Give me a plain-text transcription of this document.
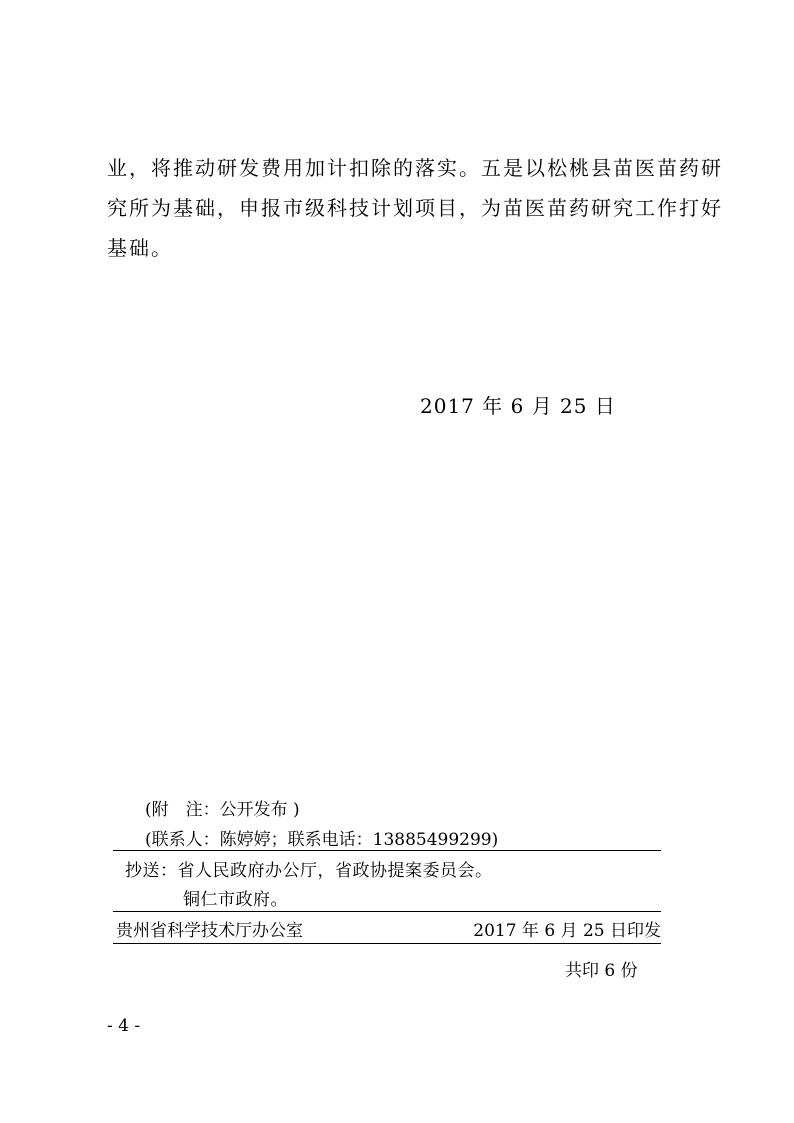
业，将推动研发费用加计扣除的落实。五是以松桃县苗医苗药研
究所为基础，申报市级科技计划项目，为苗医苗药研究工作打好
基础。
2017 年 6 月 25 日
(附　注：公开发布 )
(联系人：陈婷婷；联系电话：13885499299)
抄送：省人民政府办公厅，省政协提案委员会。
铜仁市政府。
贵州省科学技术厅办公室	2017 年 6 月 25 日印发
共印 6 份
- 4 -
